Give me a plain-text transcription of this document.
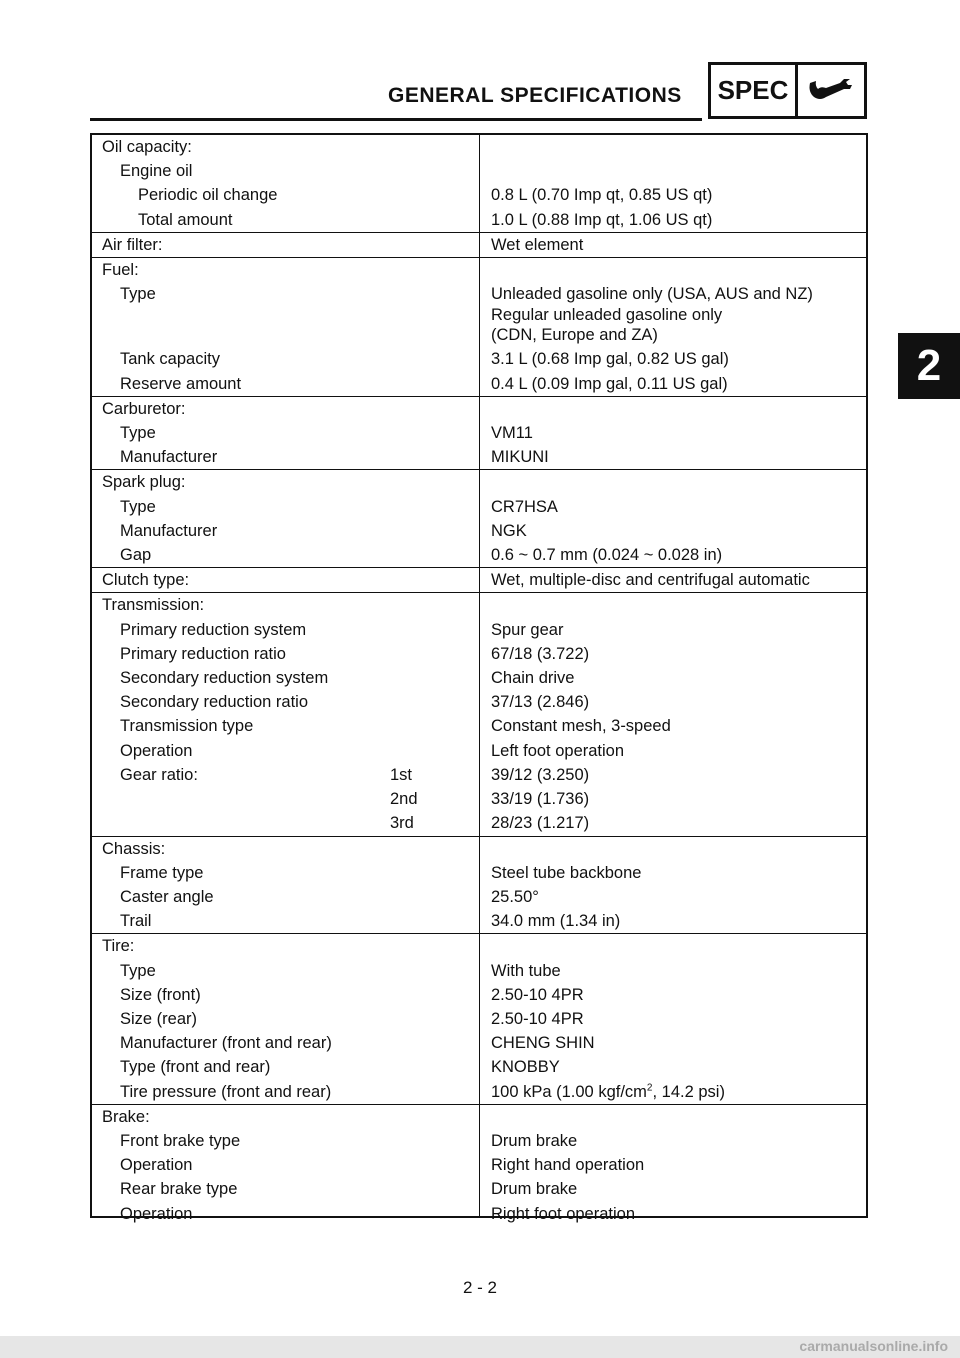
GENERAL SPECIFICATIONS SPEC
2
Oil capacity:
Engine oil
Periodic oil change	0.8 L (0.70 Imp qt, 0.85 US qt)
Total amount	1.0 L (0.88 Imp qt, 1.06 US qt)
Air filter:	Wet element
Fuel:
Type	Unleaded gasoline only (USA, AUS and NZ)
Regular unleaded gasoline only
(CDN, Europe and ZA)
Tank capacity	3.1 L (0.68 Imp gal, 0.82 US gal)
Reserve amount	0.4 L (0.09 Imp gal, 0.11 US gal)
Carburetor:
Type	VM11
Manufacturer	MIKUNI
Spark plug:
Type	CR7HSA
Manufacturer	NGK
Gap	0.6 ~ 0.7 mm (0.024 ~ 0.028 in)
Clutch type:	Wet, multiple-disc and centrifugal automatic
Transmission:
Primary reduction system	Spur gear
Primary reduction ratio	67/18 (3.722)
Secondary reduction system	Chain drive
Secondary reduction ratio	37/13 (2.846)
Transmission type	Constant mesh, 3-speed
Operation	Left foot operation
Gear ratio:	1st	39/12 (3.250)
2nd	33/19 (1.736)
3rd	28/23 (1.217)
Chassis:
Frame type	Steel tube backbone
Caster angle	25.50°
Trail	34.0 mm (1.34 in)
Tire:
Type	With tube
Size (front)	2.50-10 4PR
Size (rear)	2.50-10 4PR
Manufacturer (front and rear)	CHENG SHIN
Type (front and rear)	KNOBBY
Tire pressure (front and rear)	100 kPa (1.00 kgf/$cm^2$, 14.2 psi)
Brake:
Front brake type	Drum brake
Operation	Right hand operation
Rear brake type	Drum brake
Operation	Right foot operation
2 - 2
carmanualsonline.info
